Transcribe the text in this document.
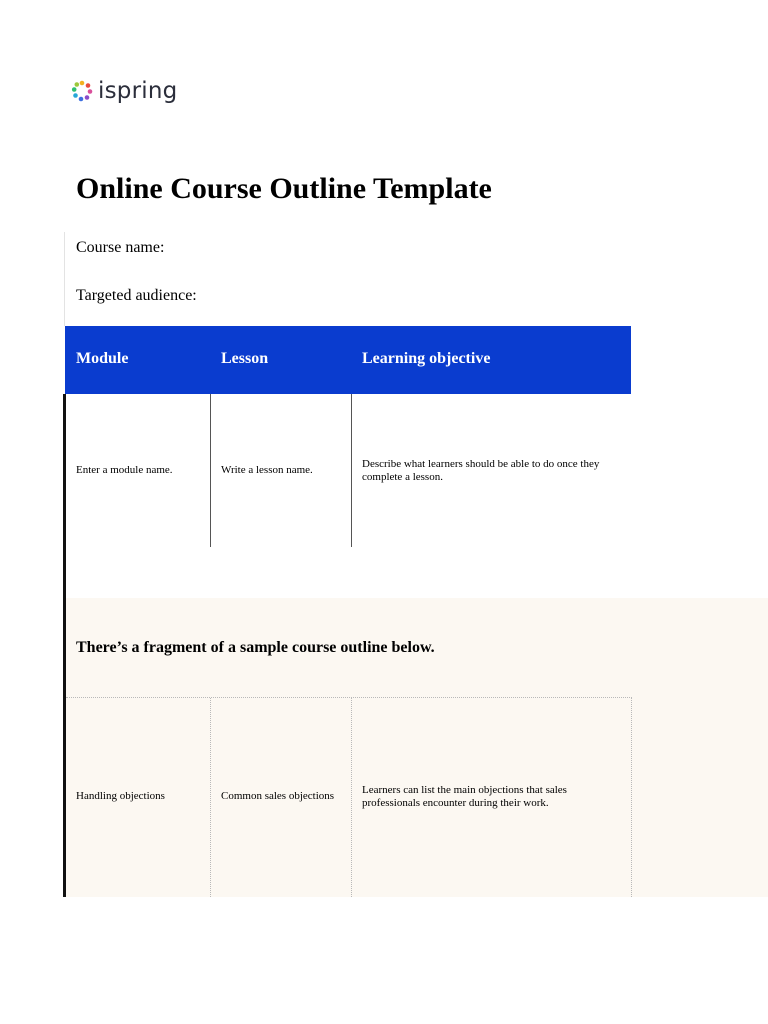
ispring
Online Course Outline Template
Course name:
Targeted audience:
Module	Lesson	Learning objective
Enter a module name.	Write a lesson name.	Describe what learners should be able to do once they complete a lesson.
There’s a fragment of a sample course outline below.
Handling objections	Common sales objections	Learners can list the main objections that sales professionals encounter during their work.
